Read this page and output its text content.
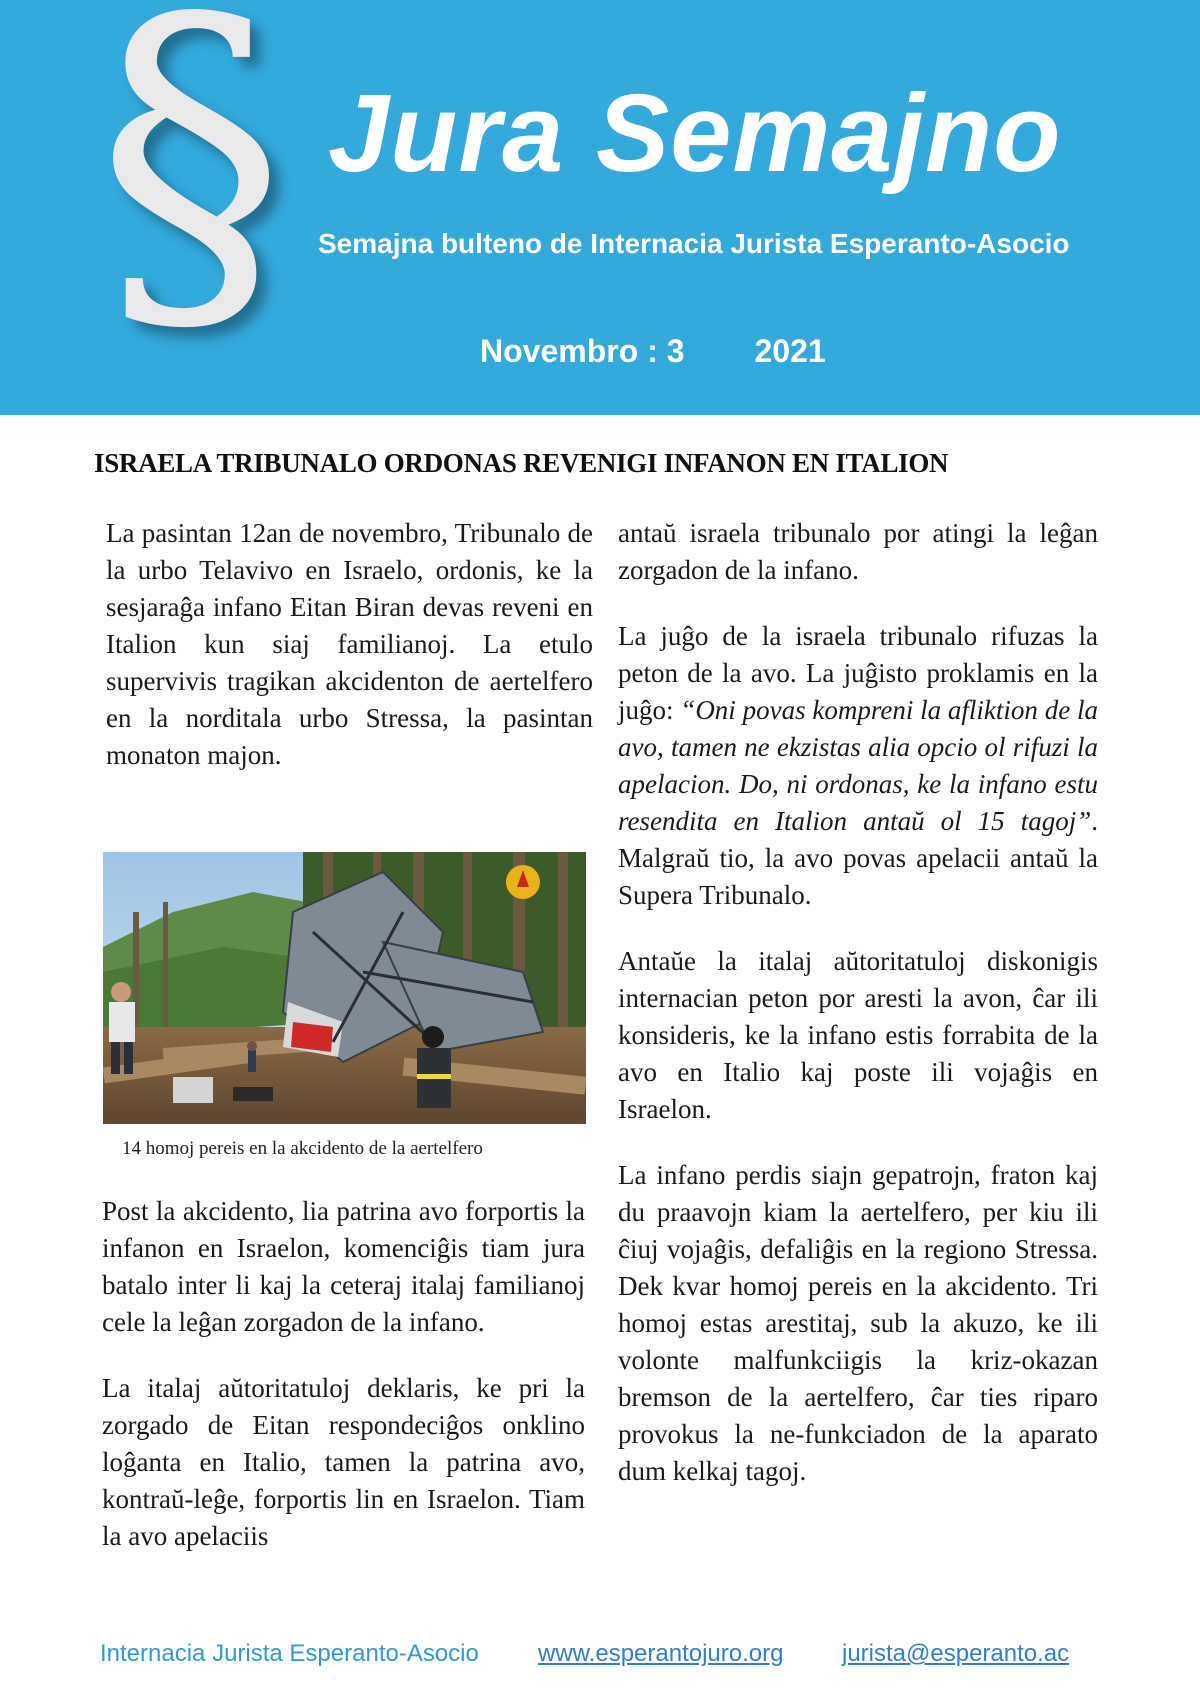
§ Jura Semajno
Semajna bulteno de Internacia Jurista Esperanto-Asocio
Novembro : 3 2021
ISRAELA TRIBUNALO ORDONAS REVENIGI INFANON EN ITALION

La pasintan 12an de novembro, Tribunalo de la urbo Telavivo en Israelo, ordonis, ke la sesjaraĝa infano Eitan Biran devas reveni en Italion kun siaj familianoj. La etulo supervivis tragikan akcidenton de aertelfero en la norditala urbo Stressa, la pasintan monaton majon.

14 homoj pereis en la akcidento de la aertelfero

Post la akcidento, lia patrina avo forportis la infanon en Israelon, komenciĝis tiam jura batalo inter li kaj la ceteraj italaj familianoj cele la leĝan zorgadon de la infano.

La italaj aŭtoritatuloj deklaris, ke pri la zorgado de Eitan respondeciĝos onklino loĝanta en Italio, tamen la patrina avo, kontraŭ-leĝe, forportis lin en Israelon. Tiam la avo apelaciis

antaŭ israela tribunalo por atingi la leĝan zorgadon de la infano.

La juĝo de la israela tribunalo rifuzas la peton de la avo. La juĝisto proklamis en la juĝo: “Oni povas kompreni la afliktion de la avo, tamen ne ekzistas alia opcio ol rifuzi la apelacion. Do, ni ordonas, ke la infano estu resendita en Italion antaŭ ol 15 tagoj”. Malgraŭ tio, la avo povas apelacii antaŭ la Supera Tribunalo.

Antaŭe la italaj aŭtoritatuloj diskonigis internacian peton por aresti la avon, ĉar ili konsideris, ke la infano estis forrabita de la avo en Italio kaj poste ili vojaĝis en Israelon.

La infano perdis siajn gepatrojn, fraton kaj du praavojn kiam la aertelfero, per kiu ili ĉiuj vojaĝis, defaliĝis en la regiono Stressa. Dek kvar homoj pereis en la akcidento. Tri homoj estas arestitaj, sub la akuzo, ke ili volonte malfunkciigis la kriz-okazan bremson de la aertelfero, ĉar ties riparo provokus la ne-funkciadon de la aparato dum kelkaj tagoj.

Internacia Jurista Esperanto-Asocio www.esperantojuro.org jurista@esperanto.ac
